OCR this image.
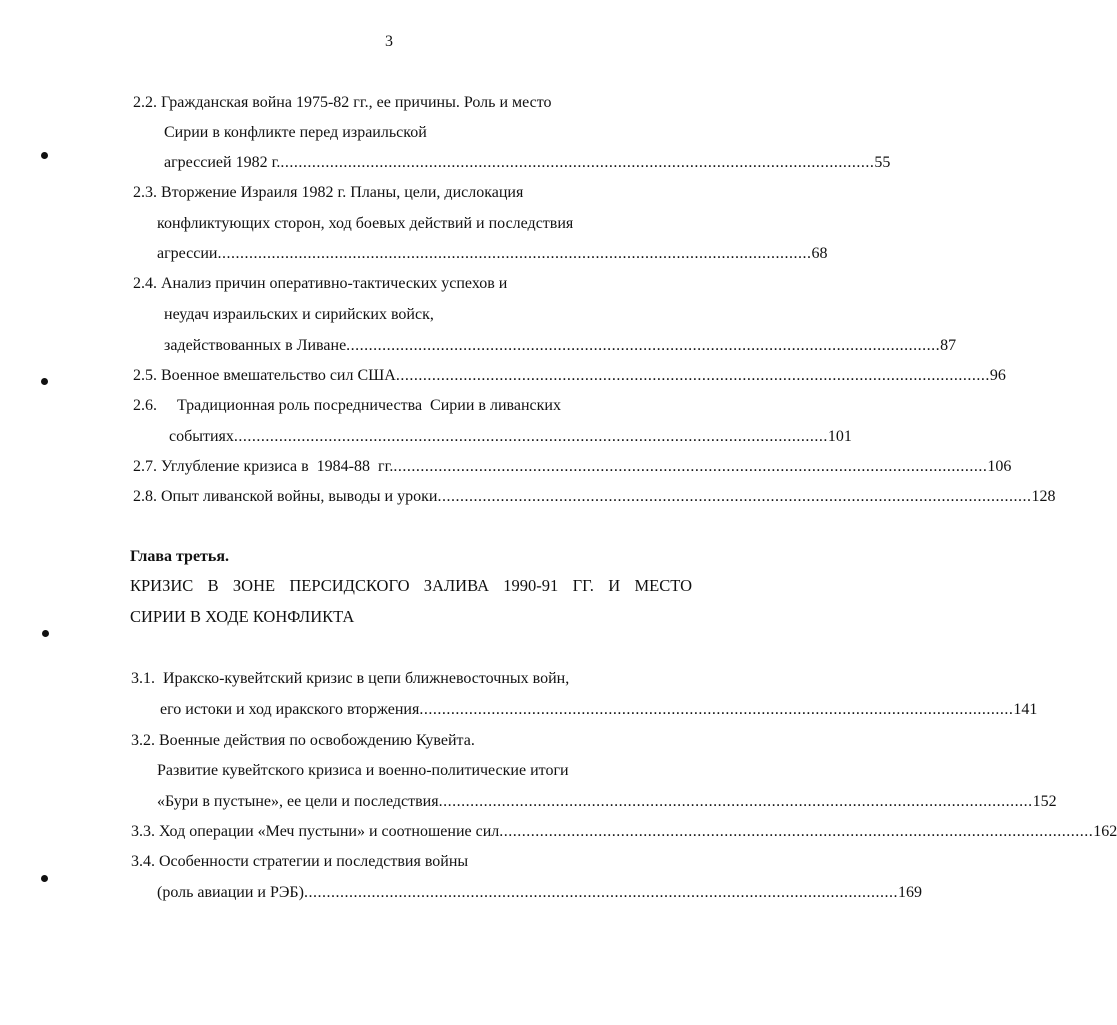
3
2.2. Гражданская война 1975-82 гг., ее причины. Роль и место
Сирии в конфликте перед израильской
агрессией 1982 г. .................................................................................................................................... 55
2.3. Вторжение Израиля 1982 г. Планы, цели, дислокация
конфликтующих сторон, ход боевых действий и последствия
агрессии .................................................................................................................................... 68
2.4. Анализ причин оперативно-тактических успехов и
неудач израильских и сирийских войск,
задействованных в Ливане .................................................................................................................................... 87
2.5. Военное вмешательство сил США .................................................................................................................................... 96
2.6.     Традиционная роль посредничества  Сирии в ливанских
событиях .................................................................................................................................... 101
2.7. Углубление кризиса в  1984-88  гг. .................................................................................................................................... 106
2.8. Опыт ливанской войны, выводы и уроки .................................................................................................................................... 128
Глава третья.
КРИЗИС В ЗОНЕ ПЕРСИДСКОГО ЗАЛИВА 1990-91 ГГ. И МЕСТО
СИРИИ В ХОДЕ КОНФЛИКТА
3.1.  Иракско-кувейтский кризис в цепи ближневосточных войн,
его истоки и ход иракского вторжения .................................................................................................................................... 141
3.2. Военные действия по освобождению Кувейта.
Развитие кувейтского кризиса и военно-политические итоги
«Бури в пустыне», ее цели и последствия .................................................................................................................................... 152
3.3. Ход операции «Меч пустыни» и соотношение сил .................................................................................................................................... 162
3.4. Особенности стратегии и последствия войны
(роль авиации и РЭБ) .................................................................................................................................... 169
